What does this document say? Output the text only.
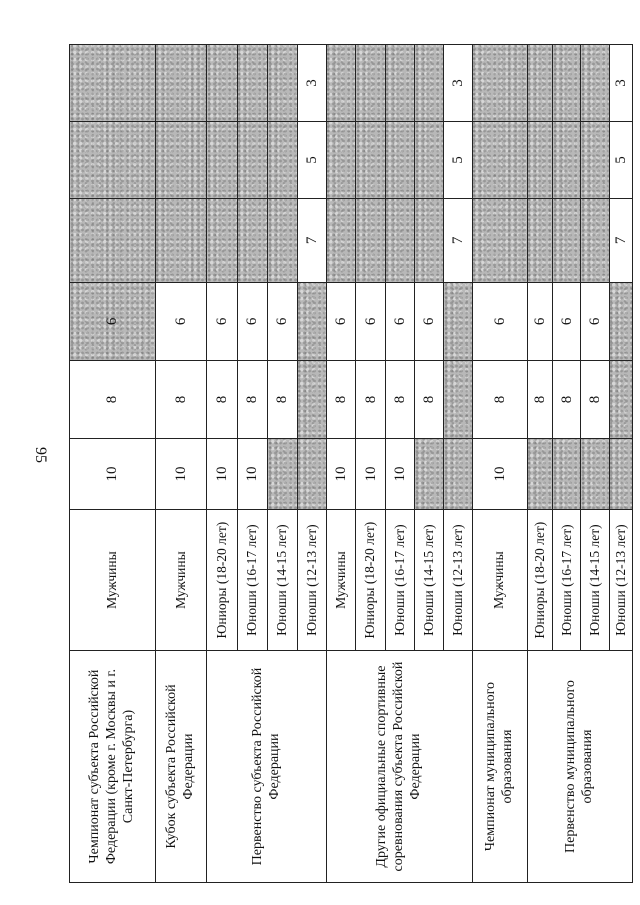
95
Чемпионат субъекта Российской Федерации (кроме г. Москвы и г. Санкт-Петербурга)	Мужчины	10	8	6			
Кубок субъекта Российской Федерации	Мужчины	10	8	6			
Первенство субъекта Российской Федерации	Юниоры (18-20 лет)	10	8	6			
	Юноши (16-17 лет)	10	8	6			
	Юноши (14-15 лет)		8	6			
	Юноши (12-13 лет)				7	5	3
Другие официальные спортивные соревнования субъекта Российской Федерации	Мужчины	10	8	6			
	Юниоры (18-20 лет)	10	8	6			
	Юноши (16-17 лет)	10	8	6			
	Юноши (14-15 лет)		8	6			
	Юноши (12-13 лет)				7	5	3
Чемпионат муниципального образования	Мужчины	10	8	6			
Первенство муниципального образования	Юниоры (18-20 лет)		8	6			
	Юноши (16-17 лет)		8	6			
	Юноши (14-15 лет)		8	6			
	Юноши (12-13 лет)				7	5	3
